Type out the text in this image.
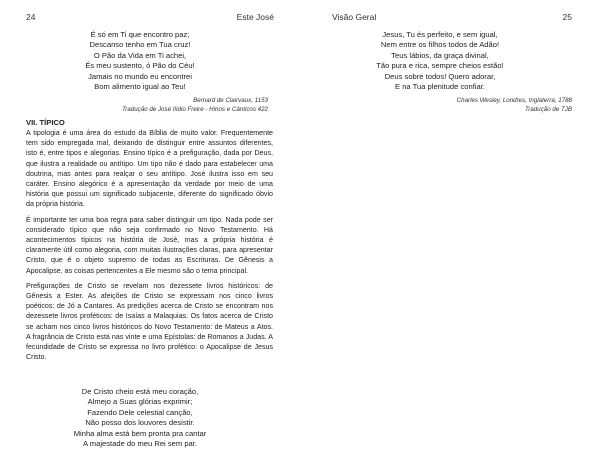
24	Este José
É só em Ti que encontro paz;
Descanso tenho em Tua cruz!
O Pão da Vida em Ti achei,
És meu sustento, ó Pão do Céu!
Jamais no mundo eu encontrei
Bom alimento igual ao Teu!
Bernard de Clairvaux, 1153
Tradução de José Ilídio Freire - Hinos e Cânticos 422
VII. TÍPICO

A tipologia é uma área do estudo da Bíblia de muito valor. Frequentemente tem sido empregada mal, deixando de distinguir entre assuntos diferentes, isto é, entre tipos e alegorias. Ensino típico é a prefiguração, dada por Deus, que ilustra a realidade ou antítipo. Um tipo não é dado para estabelecer uma doutrina, mas antes para realçar o seu antítipo. José ilustra isso em seu caráter. Ensino alegórico é a apresentação da verdade por meio de uma história que possui um significado subjacente, diferente do significado óbvio da própria história.

É importante ter uma boa regra para saber distinguir um tipo. Nada pode ser considerado típico que não seja confirmado no Novo Testamento. Há acontecimentos típicos na história de José, mas a própria história é claramente útil como alegoria, com muitas ilustrações claras, para apresentar Cristo, que é o objeto supremo de todas as Escrituras. De Gênesis a Apocalipse, as coisas pertencentes a Ele mesmo são o tema principal.

Prefigurações de Cristo se revelam nos dezessete livros históricos: de Gênesis a Ester. As afeições de Cristo se expressam nos cinco livros poéticos: de Jó a Cantares. As predições acerca de Cristo se encontram nos dezessete livros proféticos: de Isaías a Malaquias. Os fatos acerca de Cristo se acham nos cinco livros históricos do Novo Testamento: de Mateus a Atos. A fragrância de Cristo está nas vinte e uma Epístolas: de Romanos a Judas. A fecundidade de Cristo se expressa no livro profético: o Apocalipse de Jesus Cristo.

De Cristo cheio está meu coração,
Almejo a Suas glórias exprimir;
Fazendo Dele celestial canção,
Não posso dos louvores desistir.
Minha alma está bem pronta pra cantar
A majestade do meu Rei sem par.
Visão Geral	25
Jesus, Tu és perfeito, e sem igual,
Nem entre os filhos todos de Adão!
Teus lábios, da graça divinal,
Tão pura e rica, sempre cheios estão!
Deus sobre todos! Quero adorar,
E na Tua plenitude confiar.
Charles Wesley, Londres, Inglaterra, 1788
Tradução de TJB
